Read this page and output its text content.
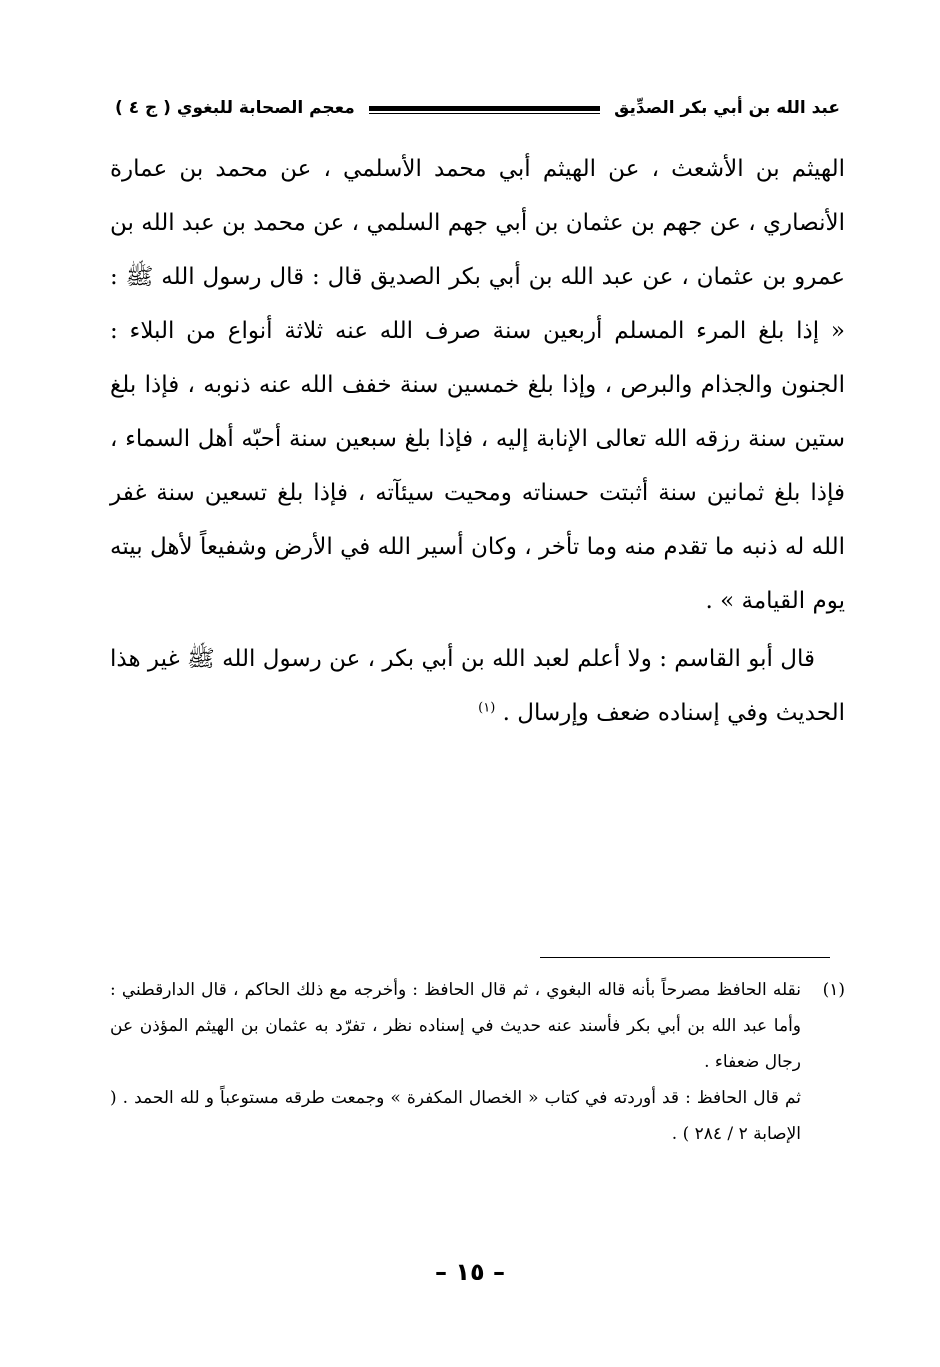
عبد الله بن أبي بكر الصدِّيق
معجم الصحابة للبغوي ( ج ٤ )

الهيثم بن الأشعث ، عن الهيثم أبي محمد الأسلمي ، عن محمد بن عمارة الأنصاري ، عن جهم بن عثمان بن أبي جهم السلمي ، عن محمد بن عبد الله بن عمرو بن عثمان ، عن عبد الله بن أبي بكر الصديق قال : قال رسول الله ﷺ : « إذا بلغ المرء المسلم أربعين سنة صرف الله عنه ثلاثة أنواع من البلاء : الجنون والجذام والبرص ، وإذا بلغ خمسين سنة خفف الله عنه ذنوبه ، فإذا بلغ ستين سنة رزقه الله تعالى الإنابة إليه ، فإذا بلغ سبعين سنة أحبّه أهل السماء ، فإذا بلغ ثمانين سنة أثبتت حسناته ومحيت سيئآته ، فإذا بلغ تسعين سنة غفر الله له ذنبه ما تقدم منه وما تأخر ، وكان أسير الله في الأرض وشفيعاً لأهل بيته يوم القيامة » .

قال أبو القاسم : ولا أعلم لعبد الله بن أبي بكر ، عن رسول الله ﷺ غير هذا الحديث وفي إسناده ضعف وإرسال . $^{(١)}$

(١)

نقله الحافظ مصرحاً بأنه قاله البغوي ، ثم قال الحافظ : وأخرجه مع ذلك الحاكم ، قال الدارقطني : وأما عبد الله بن أبي بكر فأسند عنه حديث في إسناده نظر ، تفرّد به عثمان بن الهيثم المؤذن عن رجال ضعفاء .

ثم قال الحافظ : قد أوردته في كتاب « الخصال المكفرة » وجمعت طرقه مستوعباً و لله الحمد . ( الإصابة ٢ / ٢٨٤ ) .

– ١٥ –
